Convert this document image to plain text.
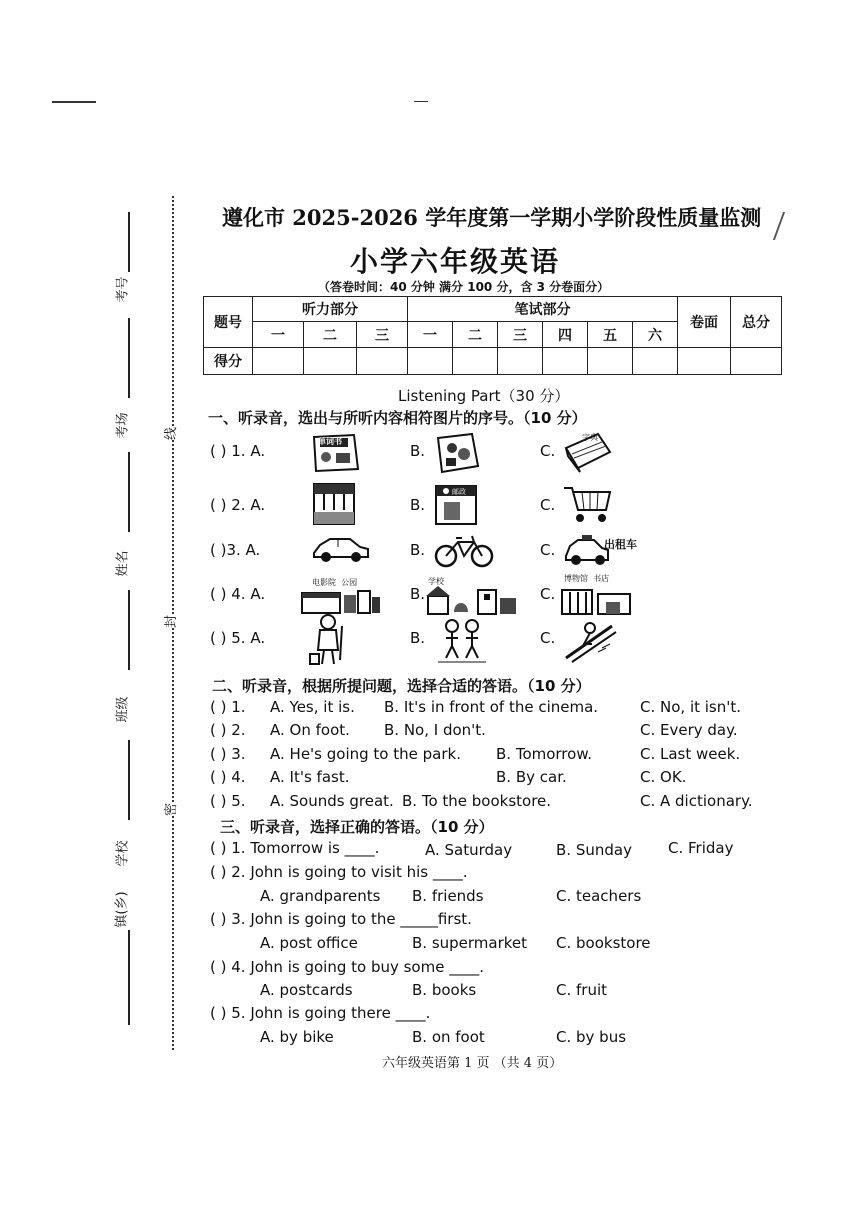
考号
考场
姓名
班级
学校
镇(乡)
线
封
密
遵化市 2025-2026 学年度第一学期小学阶段性质量监测
小学六年级英语
（答卷时间：40 分钟 满分 100 分，含 3 分卷面分）
题号	听力部分			笔试部分						卷面	总分
	一	二	三	一	二	三	四	五	六		
得分											
Listening Part（30 分）
一、听录音，选出与所听内容相符图片的序号。（10 分）
( ) 1. A.	B.	C.
( ) 2. A.	B.	C.
( )3. A.	B.	C.
( ) 4. A.	B.	C.
( ) 5. A.	B.	C.
单词书	字典
邮政
出租车
电影院  公园	学校	博物馆  书店
二、听录音，根据所提问题，选择合适的答语。（10 分）
( ) 1. A. Yes, it is. B. It's in front of the cinema.	C. No, it isn't.
( ) 2. A. On foot. B. No, I don't.	C. Every day.
( ) 3. A. He's going to the park. B. Tomorrow.	C. Last week.
( ) 4. A. It's fast.	B. By car.	C. OK.
( ) 5. A. Sounds great. B. To the bookstore.	C. A dictionary.
三、听录音，选择正确的答语。（10 分）
( ) 1. Tomorrow is ____.	A. Saturday	B. Sunday C. Friday
( ) 2. John is going to visit his ____.
A. grandparents B. friends	C. teachers
( ) 3. John is going to the _____first.
A. post office	B. supermarket C. bookstore
( ) 4. John is going to buy some ____.
A. postcards	B. books	C. fruit
( ) 5. John is going there ____.
A. by bike	B. on foot	C. by bus
六年级英语第 1 页 （共 4 页）
